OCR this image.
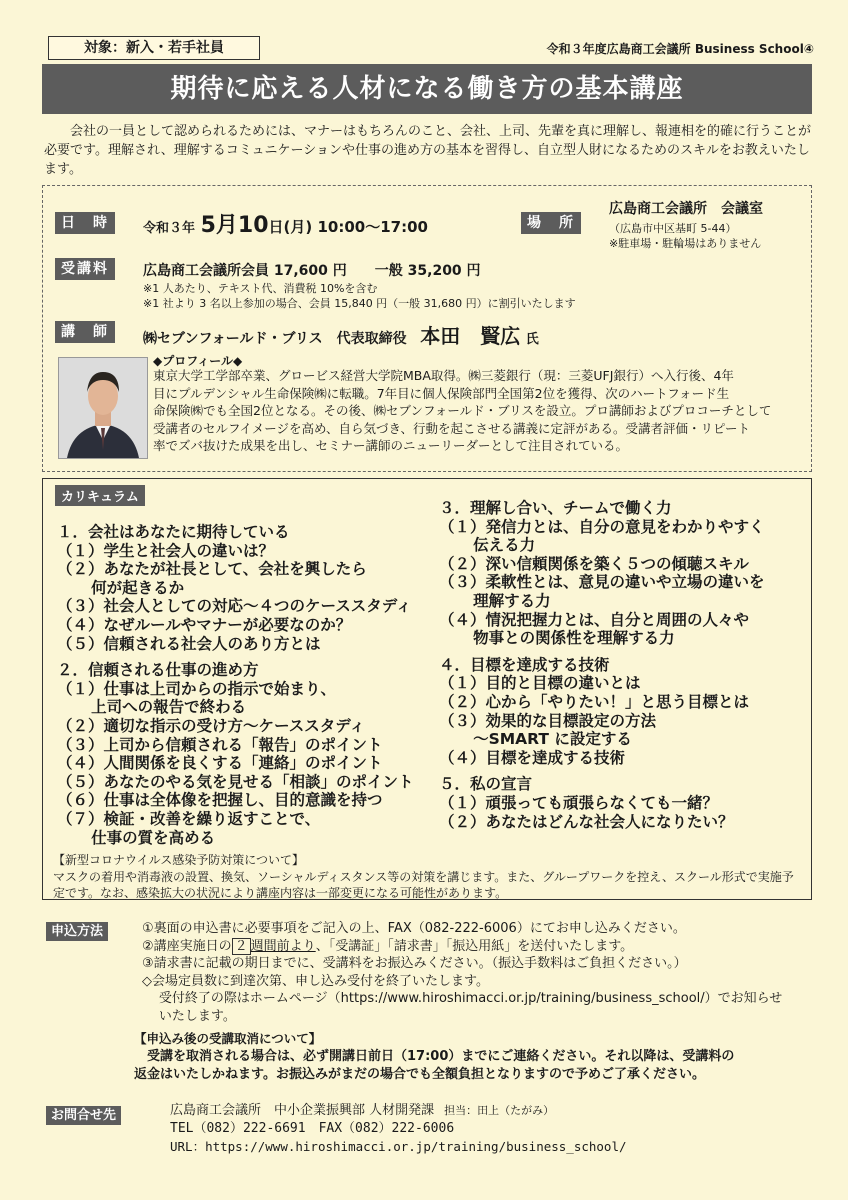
対象：新入・若手社員	令和３年度広島商工会議所 Business School④
期待に応える人材になる働き方の基本講座
会社の一員として認められるためには、マナーはもちろんのこと、会社、上司、先輩を真に理解し、報連相を的確に行うことが必要です。理解され、理解するコミュニケーションや仕事の進め方の基本を習得し、自立型人財になるためのスキルをお教えいたします。
日　時	令和３年 5月10日(月) 10:00～17:00	場　所
広島商工会議所　会議室
（広島市中区基町 5-44）
※駐車場・駐輪場はありません
受講料	広島商工会議所会員 17,600 円　　一般 35,200 円
※1 人あたり、テキスト代、消費税 10%を含む
※1 社より 3 名以上参加の場合、会員 15,840 円（一般 31,680 円）に割引いたします
講　師	㈱セブンフォールド・ブリス　代表取締役 本田　賢広 氏
◆プロフィール◆
東京大学工学部卒業、グロービス経営大学院MBA取得。㈱三菱銀行（現：三菱UFJ銀行）へ入行後、4年
目にプルデンシャル生命保険㈱に転職。7年目に個人保険部門全国第2位を獲得、次のハートフォード生
命保険㈱でも全国2位となる。その後、㈱セブンフォールド・ブリスを設立。プロ講師およびプロコーチとして
受講者のセルフイメージを高め、自ら気づき、行動を起こさせる講義に定評がある。受講者評価・リピート
率でズバ抜けた成果を出し、セミナー講師のニューリーダーとして注目されている。
カリキュラム
１．会社はあなたに期待している
（１）学生と社会人の違いは？
（２）あなたが社長として、会社を興したら
何が起きるか
（３）社会人としての対応～４つのケーススタディ
（４）なぜルールやマナーが必要なのか？
（５）信頼される社会人のあり方とは
２．信頼される仕事の進め方
（１）仕事は上司からの指示で始まり、
上司への報告で終わる
（２）適切な指示の受け方～ケーススタディ
（３）上司から信頼される「報告」のポイント
（４）人間関係を良くする「連絡」のポイント
（５）あなたのやる気を見せる「相談」のポイント
（６）仕事は全体像を把握し、目的意識を持つ
（７）検証・改善を繰り返すことで、
仕事の質を高める
３．理解し合い、チームで働く力
（１）発信力とは、自分の意見をわかりやすく
伝える力
（２）深い信頼関係を築く５つの傾聴スキル
（３）柔軟性とは、意見の違いや立場の違いを
理解する力
（４）情況把握力とは、自分と周囲の人々や
物事との関係性を理解する力
４．目標を達成する技術
（１）目的と目標の違いとは
（２）心から「やりたい！」と思う目標とは
（３）効果的な目標設定の方法
～SMART に設定する
（４）目標を達成する技術
５．私の宣言
（１）頑張っても頑張らなくても一緒？
（２）あなたはどんな社会人になりたい？
【新型コロナウイルス感染予防対策について】
マスクの着用や消毒液の設置、換気、ソーシャルディスタンス等の対策を講じます。また、グループワークを控え、スクール形式で実施予定です。なお、感染拡大の状況により講座内容は一部変更になる可能性があります。
申込方法	①裏面の申込書に必要事項をご記入の上、FAX（082-222-6006）にてお申し込みください。
②講座実施日の ２ 週間前より、「受講証」「請求書」「振込用紙」を送付いたします。
③請求書に記載の期日までに、受講料をお振込みください。（振込手数料はご負担ください。）
◇会場定員数に到達次第、申し込み受付を終了いたします。
受付終了の際はホームページ（https://www.hiroshimacci.or.jp/training/business_school/）でお知らせ
いたします。
【申込み後の受講取消について】
受講を取消される場合は、必ず開講日前日（17:00）までにご連絡ください。それ以降は、受講料の
返金はいたしかねます。お振込みがまだの場合でも全額負担となりますので予めご了承ください。
お問合せ先	広島商工会議所　中小企業振興部 人材開発課 担当：田上（たがみ）
TEL（082）222-6691　FAX（082）222-6006
URL：https://www.hiroshimacci.or.jp/training/business_school/
